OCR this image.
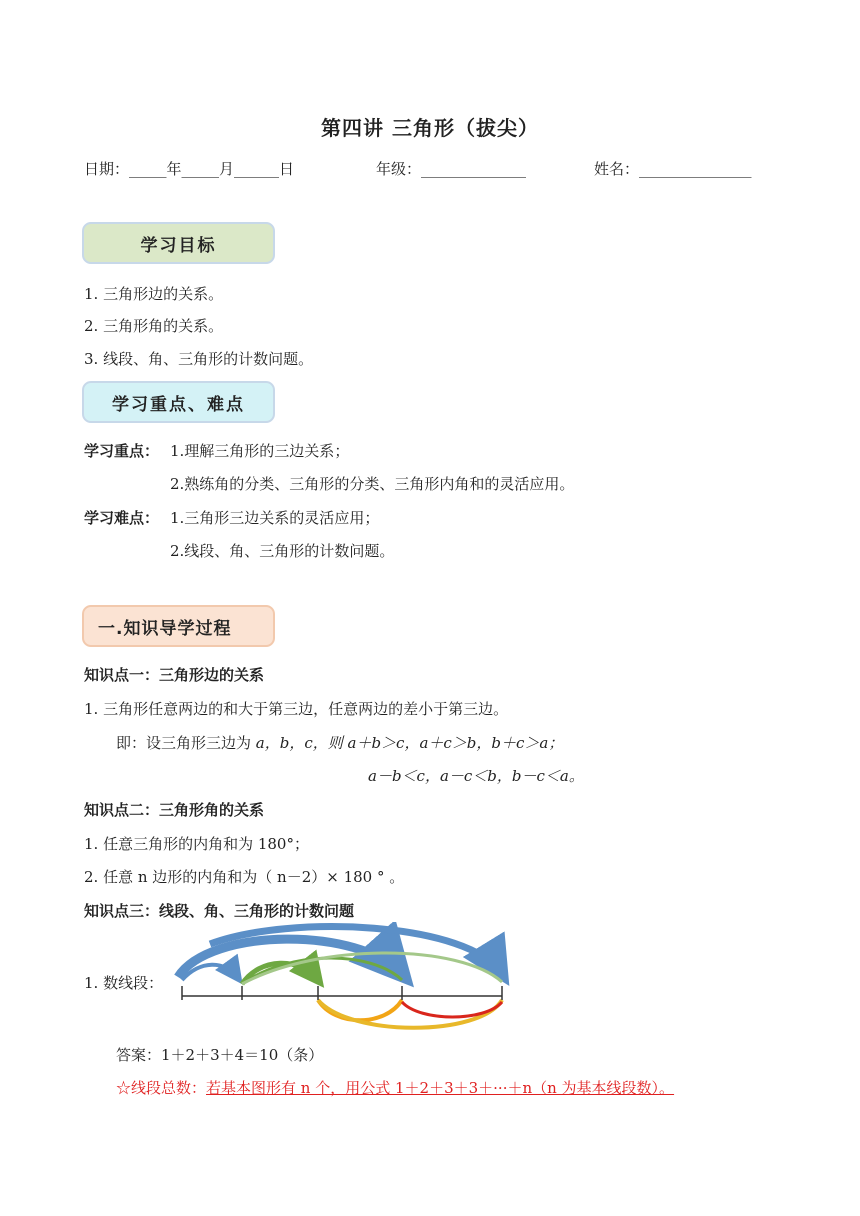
第四讲 三角形（拔尖）
日期：_____年_____月______日	年级：______________	姓名：_______________
学习目标
1. 三角形边的关系。
2. 三角形角的关系。
3. 线段、角、三角形的计数问题。
学习重点、难点
学习重点： 1.理解三角形的三边关系；
2.熟练角的分类、三角形的分类、三角形内角和的灵活应用。
学习难点： 1.三角形三边关系的灵活应用；
2.线段、角、三角形的计数问题。
一.知识导学过程
知识点一：三角形边的关系
1. 三角形任意两边的和大于第三边，任意两边的差小于第三边。
即：设三角形三边为 a，b，c，则 a＋b＞c，a＋c＞b，b＋c＞a；
a－b＜c，a－c＜b，b－c＜a。
知识点二：三角形角的关系
1. 任意三角形的内角和为 180°；
2. 任意 n 边形的内角和为（ n－2）× 180 ° 。
知识点三：线段、角、三角形的计数问题
1. 数线段：
答案：1＋2＋3＋4＝10（条）
☆线段总数：若基本图形有 n 个，用公式 1＋2＋3＋3＋···＋n（n 为基本线段数）。
